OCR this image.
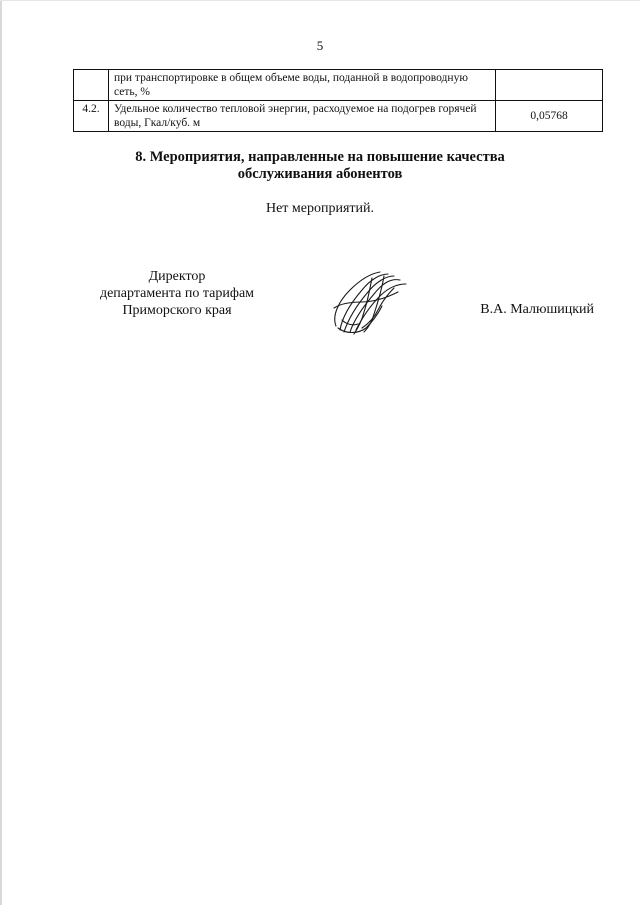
5
	при транспортировке в общем объеме воды, поданной в водопроводную сеть, %	
4.2.	Удельное количество тепловой энергии, расходуемое на подогрев горячей воды, Гкал/куб. м	0,05768
8. Мероприятия, направленные на повышение качества
обслуживания абонентов
Нет мероприятий.
Директор
департамента по тарифам
Приморского края	В.А. Малюшицкий
